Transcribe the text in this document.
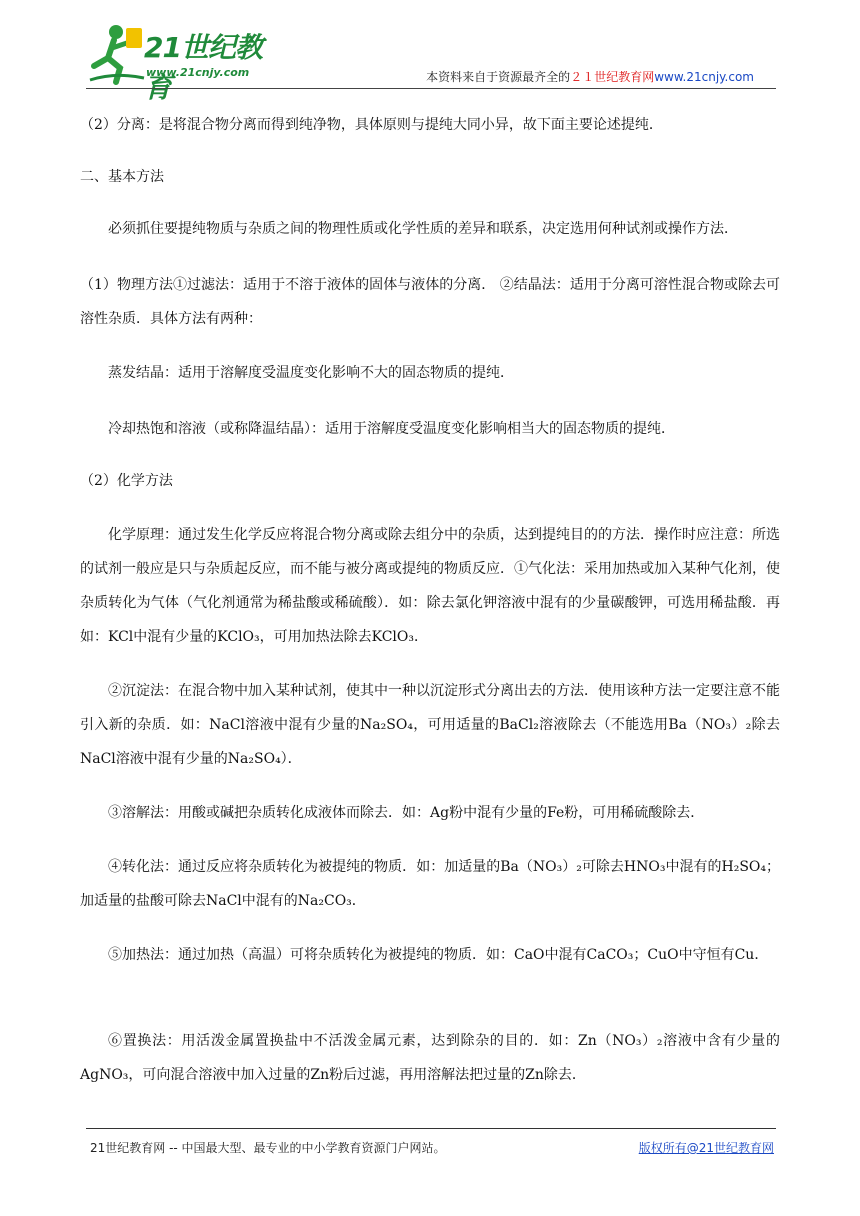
21世纪教育
www.21cnjy.com	本资料来自于资源最齐全的２１世纪教育网www.21cnjy.com

（2）分离：是将混合物分离而得到纯净物，具体原则与提纯大同小异，故下面主要论述提纯．

二、基本方法

必须抓住要提纯物质与杂质之间的物理性质或化学性质的差异和联系，决定选用何种试剂或操作方法．

（1）物理方法①过滤法：适用于不溶于液体的固体与液体的分离． ②结晶法：适用于分离可溶性混合物或除去可溶性杂质．具体方法有两种：

蒸发结晶：适用于溶解度受温度变化影响不大的固态物质的提纯．

冷却热饱和溶液（或称降温结晶）：适用于溶解度受温度变化影响相当大的固态物质的提纯．

（2）化学方法

化学原理：通过发生化学反应将混合物分离或除去组分中的杂质，达到提纯目的的方法．操作时应注意：所选的试剂一般应是只与杂质起反应，而不能与被分离或提纯的物质反应．①气化法：采用加热或加入某种气化剂，使杂质转化为气体（气化剂通常为稀盐酸或稀硫酸）．如：除去氯化钾溶液中混有的少量碳酸钾，可选用稀盐酸．再如：KCl中混有少量的KClO₃，可用加热法除去KClO₃．

②沉淀法：在混合物中加入某种试剂，使其中一种以沉淀形式分离出去的方法．使用该种方法一定要注意不能引入新的杂质．如：NaCl溶液中混有少量的Na₂SO₄，可用适量的BaCl₂溶液除去（不能选用Ba（NO₃）₂除去NaCl溶液中混有少量的Na₂SO₄）．

③溶解法：用酸或碱把杂质转化成液体而除去．如：Ag粉中混有少量的Fe粉，可用稀硫酸除去．

④转化法：通过反应将杂质转化为被提纯的物质．如：加适量的Ba（NO₃）₂可除去HNO₃中混有的H₂SO₄；加适量的盐酸可除去NaCl中混有的Na₂CO₃．

⑤加热法：通过加热（高温）可将杂质转化为被提纯的物质．如：CaO中混有CaCO₃；CuO中守恒有Cu．

⑥置换法：用活泼金属置换盐中不活泼金属元素，达到除杂的目的．如：Zn（NO₃）₂溶液中含有少量的AgNO₃，可向混合溶液中加入过量的Zn粉后过滤，再用溶解法把过量的Zn除去．

21世纪教育网 -- 中国最大型、最专业的中小学教育资源门户网站。	版权所有@21世纪教育网
